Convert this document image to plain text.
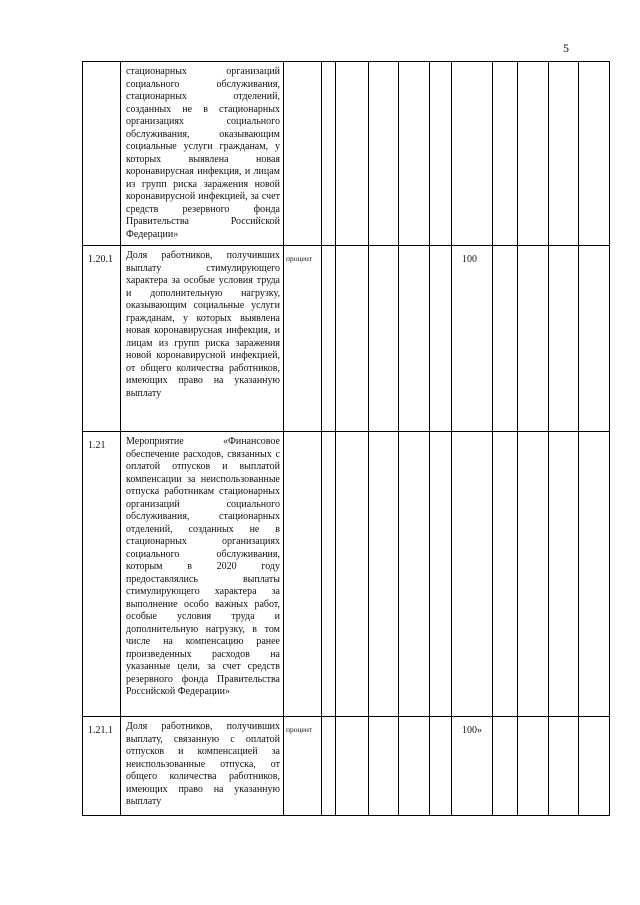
5

	стационарных организаций социального обслуживания, стационарных отделений, созданных не в стационарных организациях социального обслуживания, оказывающим социальные услуги гражданам, у которых выявлена новая коронавирусная инфекция, и лицам из групп риска заражения новой коронавирусной инфекцией, за счет средств резервного фонда Правительства Российской Федерации»											

1.20.1	Доля работников, получивших выплату стимулирующего характера за особые условия труда и дополнительную нагрузку, оказывающим социальные услуги гражданам, у которых выявлена новая коронавирусная инфекция, и лицам из групп риска заражения новой коронавирусной инфекцией, от общего количества работников, имеющих право на указанную выплату	процент						100				
1.21	Мероприятие «Финансовое обеспечение расходов, связанных с оплатой отпусков и выплатой компенсации за неиспользованные отпуска работникам стационарных организаций социального обслуживания, стационарных отделений, созданных не в стационарных организациях социального обслуживания, которым в 2020 году предоставлялись выплаты стимулирующего характера за выполнение особо важных работ, особые условия труда и дополнительную нагрузку, в том числе на компенсацию ранее произведенных расходов на указанные цели, за счет средств резервного фонда Правительства Российской Федерации»											

1.21.1	Доля работников, получивших выплату, связанную с оплатой отпусков и компенсацией за неиспользованные отпуска, от общего количества работников, имеющих право на указанную выплату	процент						100»				
